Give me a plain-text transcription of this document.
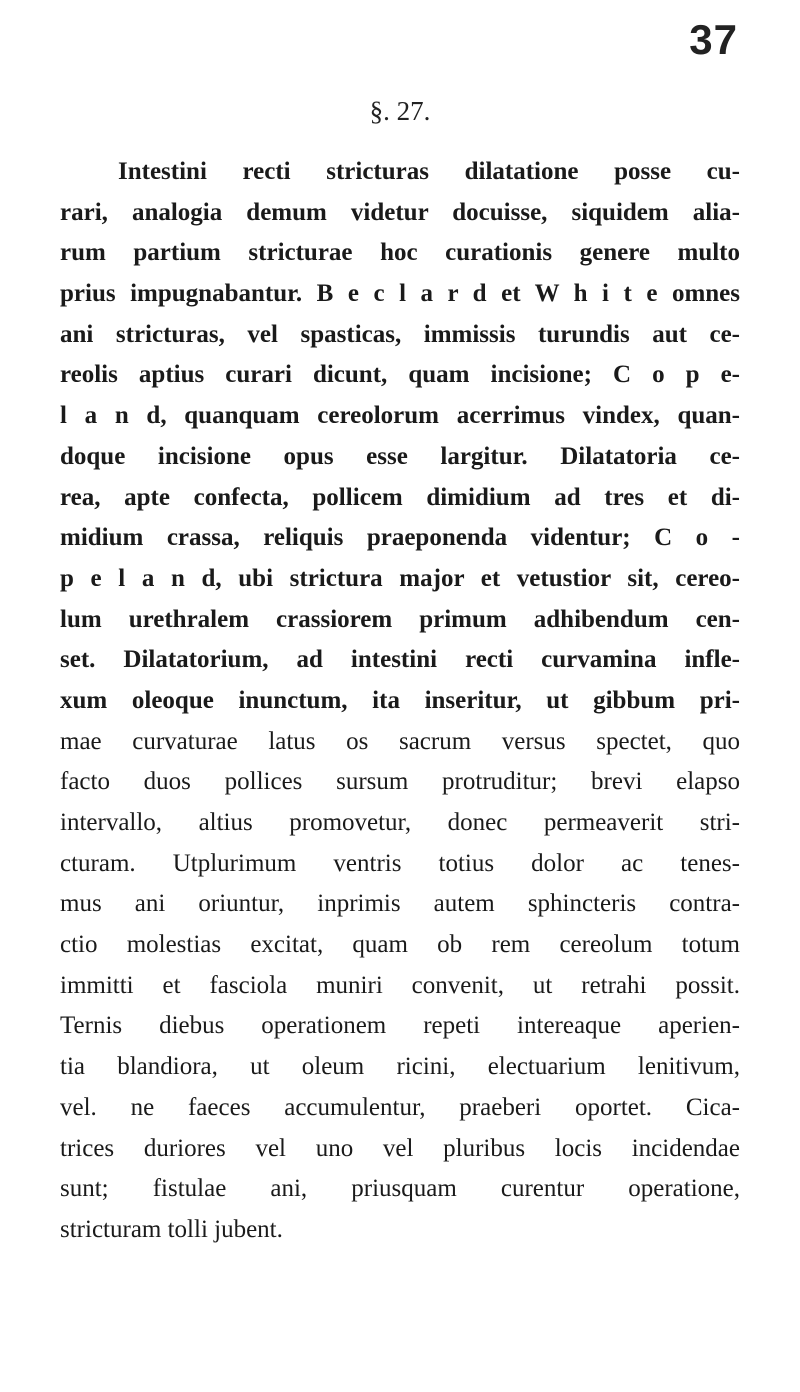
37
§. 27.
Intestini recti stricturas dilatatione posse cu-
rari, analogia demum videtur docuisse, siquidem alia-
rum partium stricturae hoc curationis genere multo
prius impugnabantur. B e c l a r d et W h i t e omnes
ani stricturas, vel spasticas, immissis turundis aut ce-
reolis aptius curari dicunt, quam incisione; C o p e-
l a n d, quanquam cereolorum acerrimus vindex, quan-
doque incisione opus esse largitur. Dilatatoria ce-
rea, apte confecta, pollicem dimidium ad tres et di-
midium crassa, reliquis praeponenda videntur; C o -
p e l a n d, ubi strictura major et vetustior sit, cereo-
lum urethralem crassiorem primum adhibendum cen-
set. Dilatatorium, ad intestini recti curvamina infle-
xum oleoque inunctum, ita inseritur, ut gibbum pri-
mae curvaturae latus os sacrum versus spectet, quo
facto duos pollices sursum protruditur; brevi elapso
intervallo, altius promovetur, donec permeaverit stri-
cturam. Utplurimum ventris totius dolor ac tenes-
mus ani oriuntur, inprimis autem sphincteris contra-
ctio molestias excitat, quam ob rem cereolum totum
immitti et fasciola muniri convenit, ut retrahi possit.
Ternis diebus operationem repeti intereaque aperien-
tia blandiora, ut oleum ricini, electuarium lenitivum,
vel. ne faeces accumulentur, praeberi oportet. Cica-
trices duriores vel uno vel pluribus locis incidendae
sunt; fistulae ani, priusquam curentur operatione,
stricturam tolli jubent.
